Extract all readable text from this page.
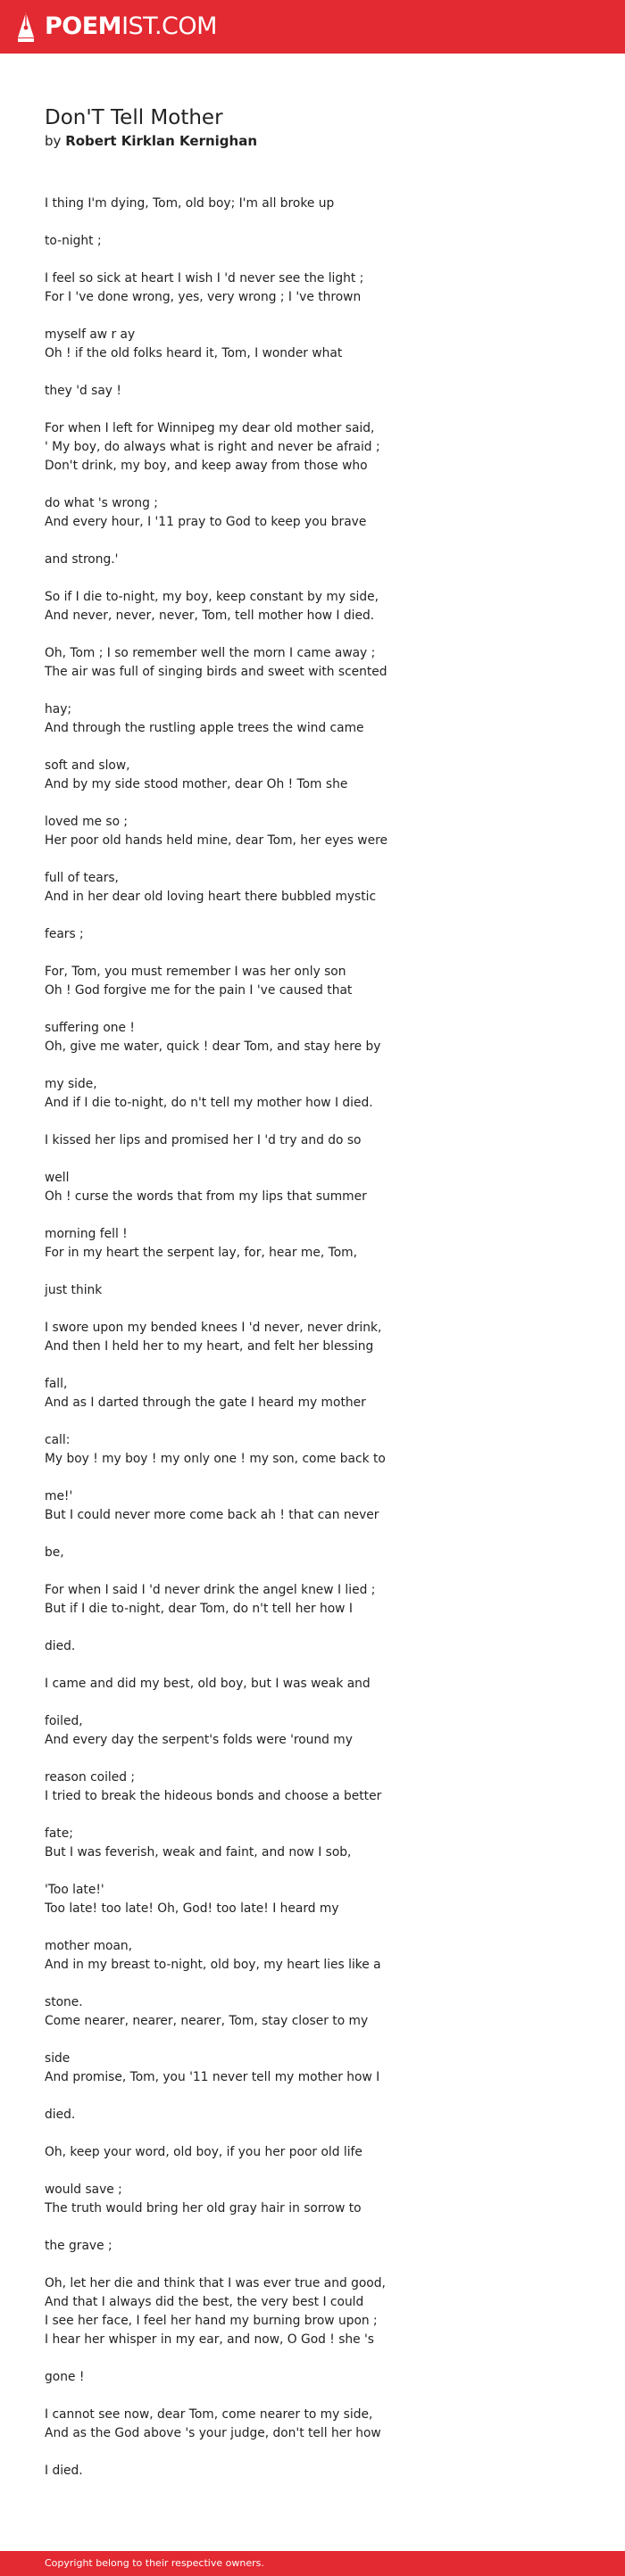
POEMIST.COM
Don'T Tell Mother
by Robert Kirklan Kernighan

I thing I'm dying, Tom, old boy; I'm all broke up

to-night ;

I feel so sick at heart I wish I 'd never see the light ;
For I 've done wrong, yes, very wrong ; I 've thrown

myself aw r ay
Oh ! if the old folks heard it, Tom, I wonder what

they 'd say !

For when I left for Winnipeg my dear old mother said,
' My boy, do always what is right and never be afraid ;
Don't drink, my boy, and keep away from those who

do what 's wrong ;
And every hour, I '11 pray to God to keep you brave

and strong.'

So if I die to-night, my boy, keep constant by my side,
And never, never, never, Tom, tell mother how I died.

Oh, Tom ; I so remember well the morn I came away ;
The air was full of singing birds and sweet with scented

hay;
And through the rustling apple trees the wind came

soft and slow,
And by my side stood mother, dear Oh ! Tom she

loved me so ;
Her poor old hands held mine, dear Tom, her eyes were

full of tears,
And in her dear old loving heart there bubbled mystic

fears ;

For, Tom, you must remember I was her only son
Oh ! God forgive me for the pain I 've caused that

suffering one !
Oh, give me water, quick ! dear Tom, and stay here by

my side,
And if I die to-night, do n't tell my mother how I died.

I kissed her lips and promised her I 'd try and do so

well
Oh ! curse the words that from my lips that summer

morning fell !
For in my heart the serpent lay, for, hear me, Tom,

just think

I swore upon my bended knees I 'd never, never drink,
And then I held her to my heart, and felt her blessing

fall,
And as I darted through the gate I heard my mother

call:
My boy ! my boy ! my only one ! my son, come back to

me!'
But I could never more come back ah ! that can never

be,

For when I said I 'd never drink the angel knew I lied ;
But if I die to-night, dear Tom, do n't tell her how I

died.

I came and did my best, old boy, but I was weak and

foiled,
And every day the serpent's folds were 'round my

reason coiled ;
I tried to break the hideous bonds and choose a better

fate;
But I was feverish, weak and faint, and now I sob,

'Too late!'
Too late! too late! Oh, God! too late! I heard my

mother moan,
And in my breast to-night, old boy, my heart lies like a

stone.
Come nearer, nearer, nearer, Tom, stay closer to my

side
And promise, Tom, you '11 never tell my mother how I

died.

Oh, keep your word, old boy, if you her poor old life

would save ;
The truth would bring her old gray hair in sorrow to

the grave ;

Oh, let her die and think that I was ever true and good,
And that I always did the best, the very best I could
I see her face, I feel her hand my burning brow upon ;
I hear her whisper in my ear, and now, O God ! she 's

gone !

I cannot see now, dear Tom, come nearer to my side,
And as the God above 's your judge, don't tell her how

I died.

Copyright belong to their respective owners.
